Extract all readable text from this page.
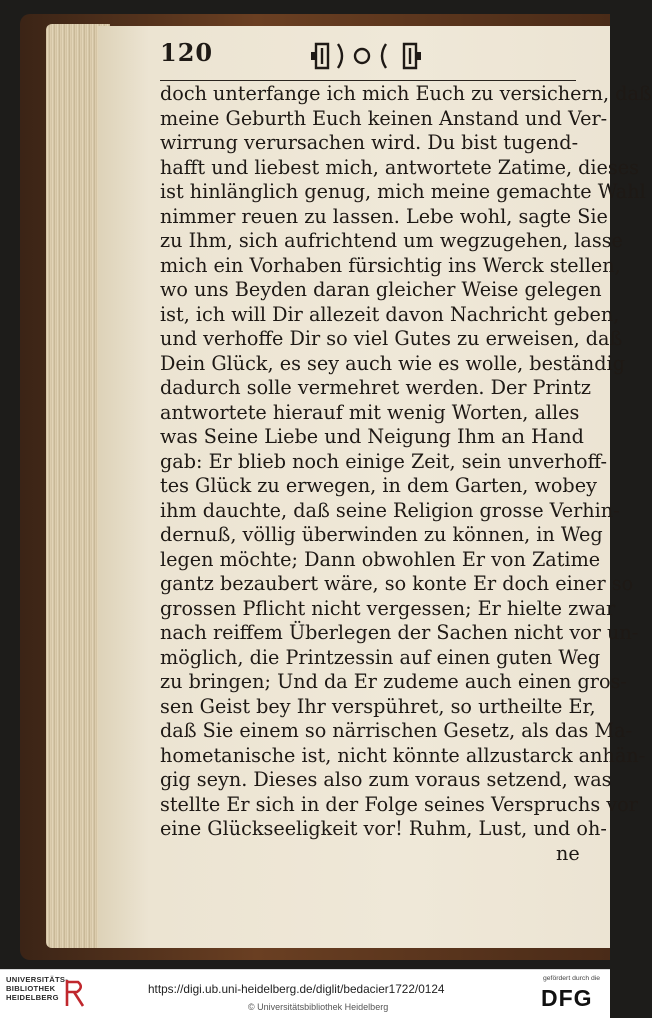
120
doch unterfange ich mich Euch zu versichern, daß
meine Geburth Euch keinen Anstand und Ver-
wirrung verursachen wird. Du bist tugend-
hafft und liebest mich, antwortete Zatime, dieses
ist hinlänglich genug, mich meine gemachte Wahl
nimmer reuen zu lassen. Lebe wohl, sagte Sie
zu Ihm, sich aufrichtend um wegzugehen, lasse
mich ein Vorhaben fürsichtig ins Werck stellen,
wo uns Beyden daran gleicher Weise gelegen
ist, ich will Dir allezeit davon Nachricht geben,
und verhoffe Dir so viel Gutes zu erweisen, daß
Dein Glück, es sey auch wie es wolle, beständig
dadurch solle vermehret werden. Der Printz
antwortete hierauf mit wenig Worten, alles
was Seine Liebe und Neigung Ihm an Hand
gab: Er blieb noch einige Zeit, sein unverhoff-
tes Glück zu erwegen, in dem Garten, wobey
ihm dauchte, daß seine Religion grosse Verhin-
dernuß, völlig überwinden zu können, in Weg
legen möchte; Dann obwohlen Er von Zatime
gantz bezaubert wäre, so konte Er doch einer so
grossen Pflicht nicht vergessen; Er hielte zwar
nach reiffem Überlegen der Sachen nicht vor un-
möglich, die Printzessin auf einen guten Weg
zu bringen; Und da Er zudeme auch einen gros-
sen Geist bey Ihr verspühret, so urtheilte Er,
daß Sie einem so närrischen Gesetz, als das Ma-
hometanische ist, nicht könnte allzustarck anhän-
gig seyn. Dieses also zum voraus setzend, was
stellte Er sich in der Folge seines Verspruchs vor
eine Glückseeligkeit vor! Ruhm, Lust, und oh-
ne
UNIVERSITÄTS-
BIBLIOTHEK
HEIDELBERG
https://digi.ub.uni-heidelberg.de/diglit/bedacier1722/0124
© Universitätsbibliothek Heidelberg
gefördert durch die
DFG
